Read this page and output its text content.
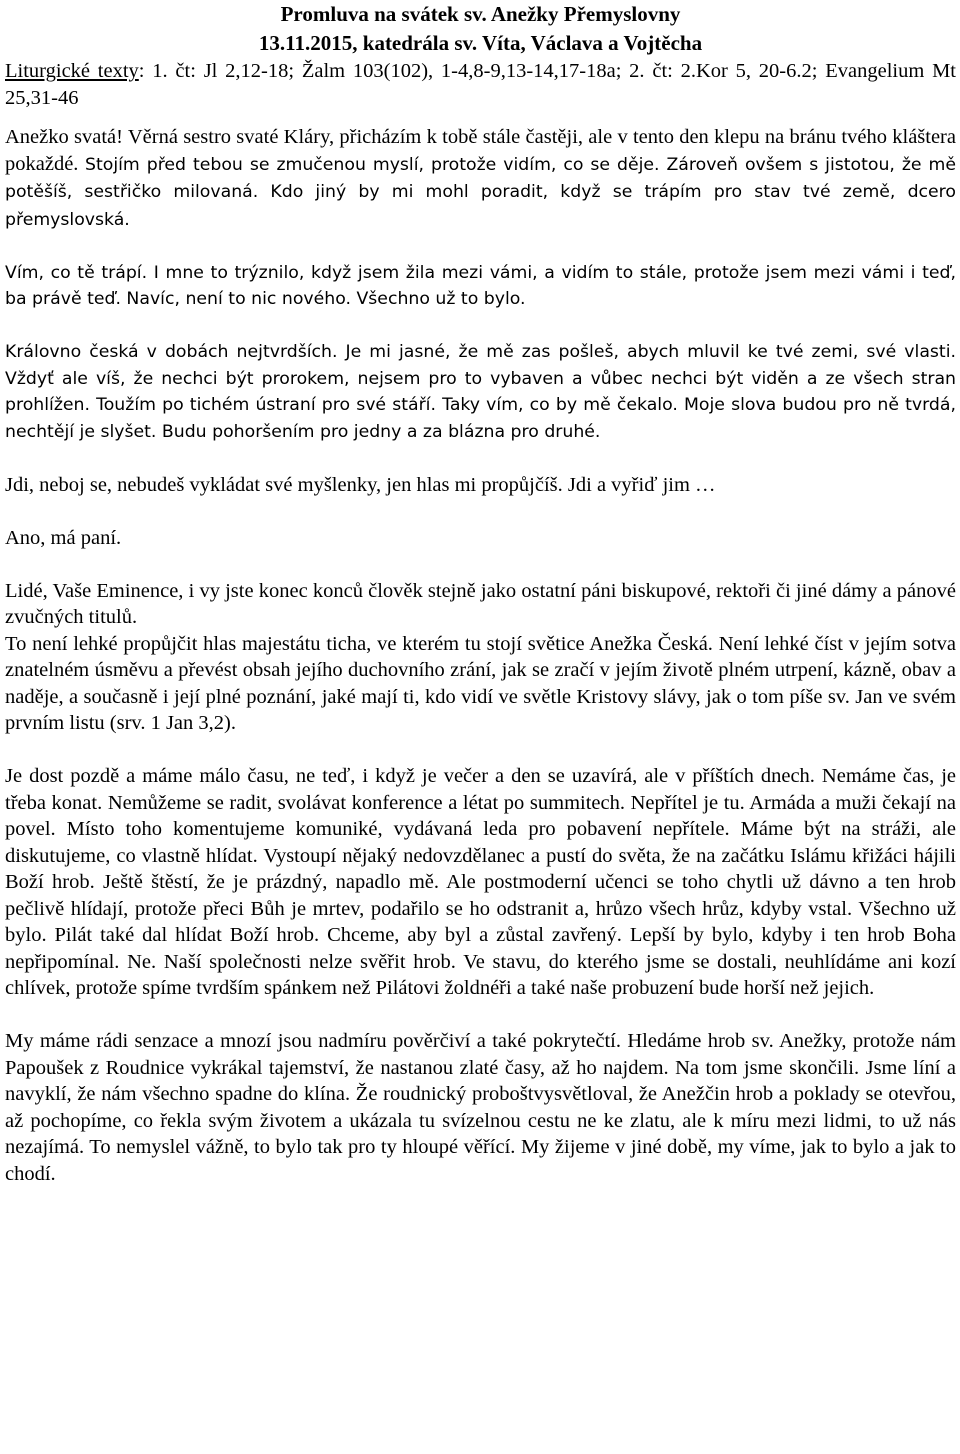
Promluva na svátek sv. Anežky Přemyslovny
13.11.2015, katedrála sv. Víta, Václava a Vojtěcha

Liturgické texty: 1. čt: Jl 2,12-18; Žalm 103(102), 1-4,8-9,13-14,17-18a; 2. čt: 2.Kor 5, 20-6.2; Evangelium Mt 25,31-46

Anežko svatá! Věrná sestro svaté Kláry, přicházím k tobě stále častěji, ale v tento den klepu na bránu tvého kláštera pokaždé. Stojím před tebou se zmučenou myslí, protože vidím, co se děje. Zároveň ovšem s jistotou, že mě potěšíš, sestřičko milovaná. Kdo jiný by mi mohl poradit, když se trápím pro stav tvé země, dcero přemyslovská.

Vím, co tě trápí. I mne to trýznilo, když jsem žila mezi vámi, a vidím to stále, protože jsem mezi vámi i teď, ba právě teď. Navíc, není to nic nového. Všechno už to bylo.

Královno česká v dobách nejtvrdších. Je mi jasné, že mě zas pošleš, abych mluvil ke tvé zemi, své vlasti. Vždyť ale víš, že nechci být prorokem, nejsem pro to vybaven a vůbec nechci být viděn a ze všech stran prohlížen. Toužím po tichém ústraní pro své stáří. Taky vím, co by mě čekalo. Moje slova budou pro ně tvrdá, nechtějí je slyšet. Budu pohoršením pro jedny a za blázna pro druhé.

Jdi, neboj se, nebudeš vykládat své myšlenky, jen hlas mi propůjčíš. Jdi a vyřiď jim …

Ano, má paní.

Lidé, Vaše Eminence, i vy jste konec konců člověk stejně jako ostatní páni biskupové, rektoři či jiné dámy a pánové zvučných titulů.

To není lehké propůjčit hlas majestátu ticha, ve kterém tu stojí světice Anežka Česká. Není lehké číst v jejím sotva znatelném úsměvu a převést obsah jejího duchovního zrání, jak se zračí v jejím životě plném utrpení, kázně, obav a naděje, a současně i její plné poznání, jaké mají ti, kdo vidí ve světle Kristovy slávy, jak o tom píše sv. Jan ve svém prvním listu (srv. 1 Jan 3,2).

Je dost pozdě a máme málo času, ne teď, i když je večer a den se uzavírá, ale v příštích dnech. Nemáme čas, je třeba konat. Nemůžeme se radit, svolávat konference a létat po summitech. Nepřítel je tu. Armáda a muži čekají na povel. Místo toho komentujeme komuniké, vydávaná leda pro pobavení nepřítele. Máme být na stráži, ale diskutujeme, co vlastně hlídat. Vystoupí nějaký nedovzdělanec a pustí do světa, že na začátku Islámu křižáci hájili Boží hrob. Ještě štěstí, že je prázdný, napadlo mě. Ale postmoderní učenci se toho chytli už dávno a ten hrob pečlivě hlídají, protože přeci Bůh je mrtev, podařilo se ho odstranit a, hrůzo všech hrůz, kdyby vstal. Všechno už bylo. Pilát také dal hlídat Boží hrob. Chceme, aby byl a zůstal zavřený. Lepší by bylo, kdyby i ten hrob Boha nepřipomínal. Ne. Naší společnosti nelze svěřit hrob. Ve stavu, do kterého jsme se dostali, neuhlídáme ani kozí chlívek, protože spíme tvrdším spánkem než Pilátovi žoldnéři a také naše probuzení bude horší než jejich.

My máme rádi senzace a mnozí jsou nadmíru pověrčiví a také pokrytečtí. Hledáme hrob sv. Anežky, protože nám Papoušek z Roudnice vykrákal tajemství, že nastanou zlaté časy, až ho najdem. Na tom jsme skončili. Jsme líní a navyklí, že nám všechno spadne do klína. Že roudnický proboštvysvětloval, že Anežčin hrob a poklady se otevřou, až pochopíme, co řekla svým životem a ukázala tu svízelnou cestu ne ke zlatu, ale k míru mezi lidmi, to už nás nezajímá. To nemyslel vážně, to bylo tak pro ty hloupé věřící. My žijeme v jiné době, my víme, jak to bylo a jak to chodí.
